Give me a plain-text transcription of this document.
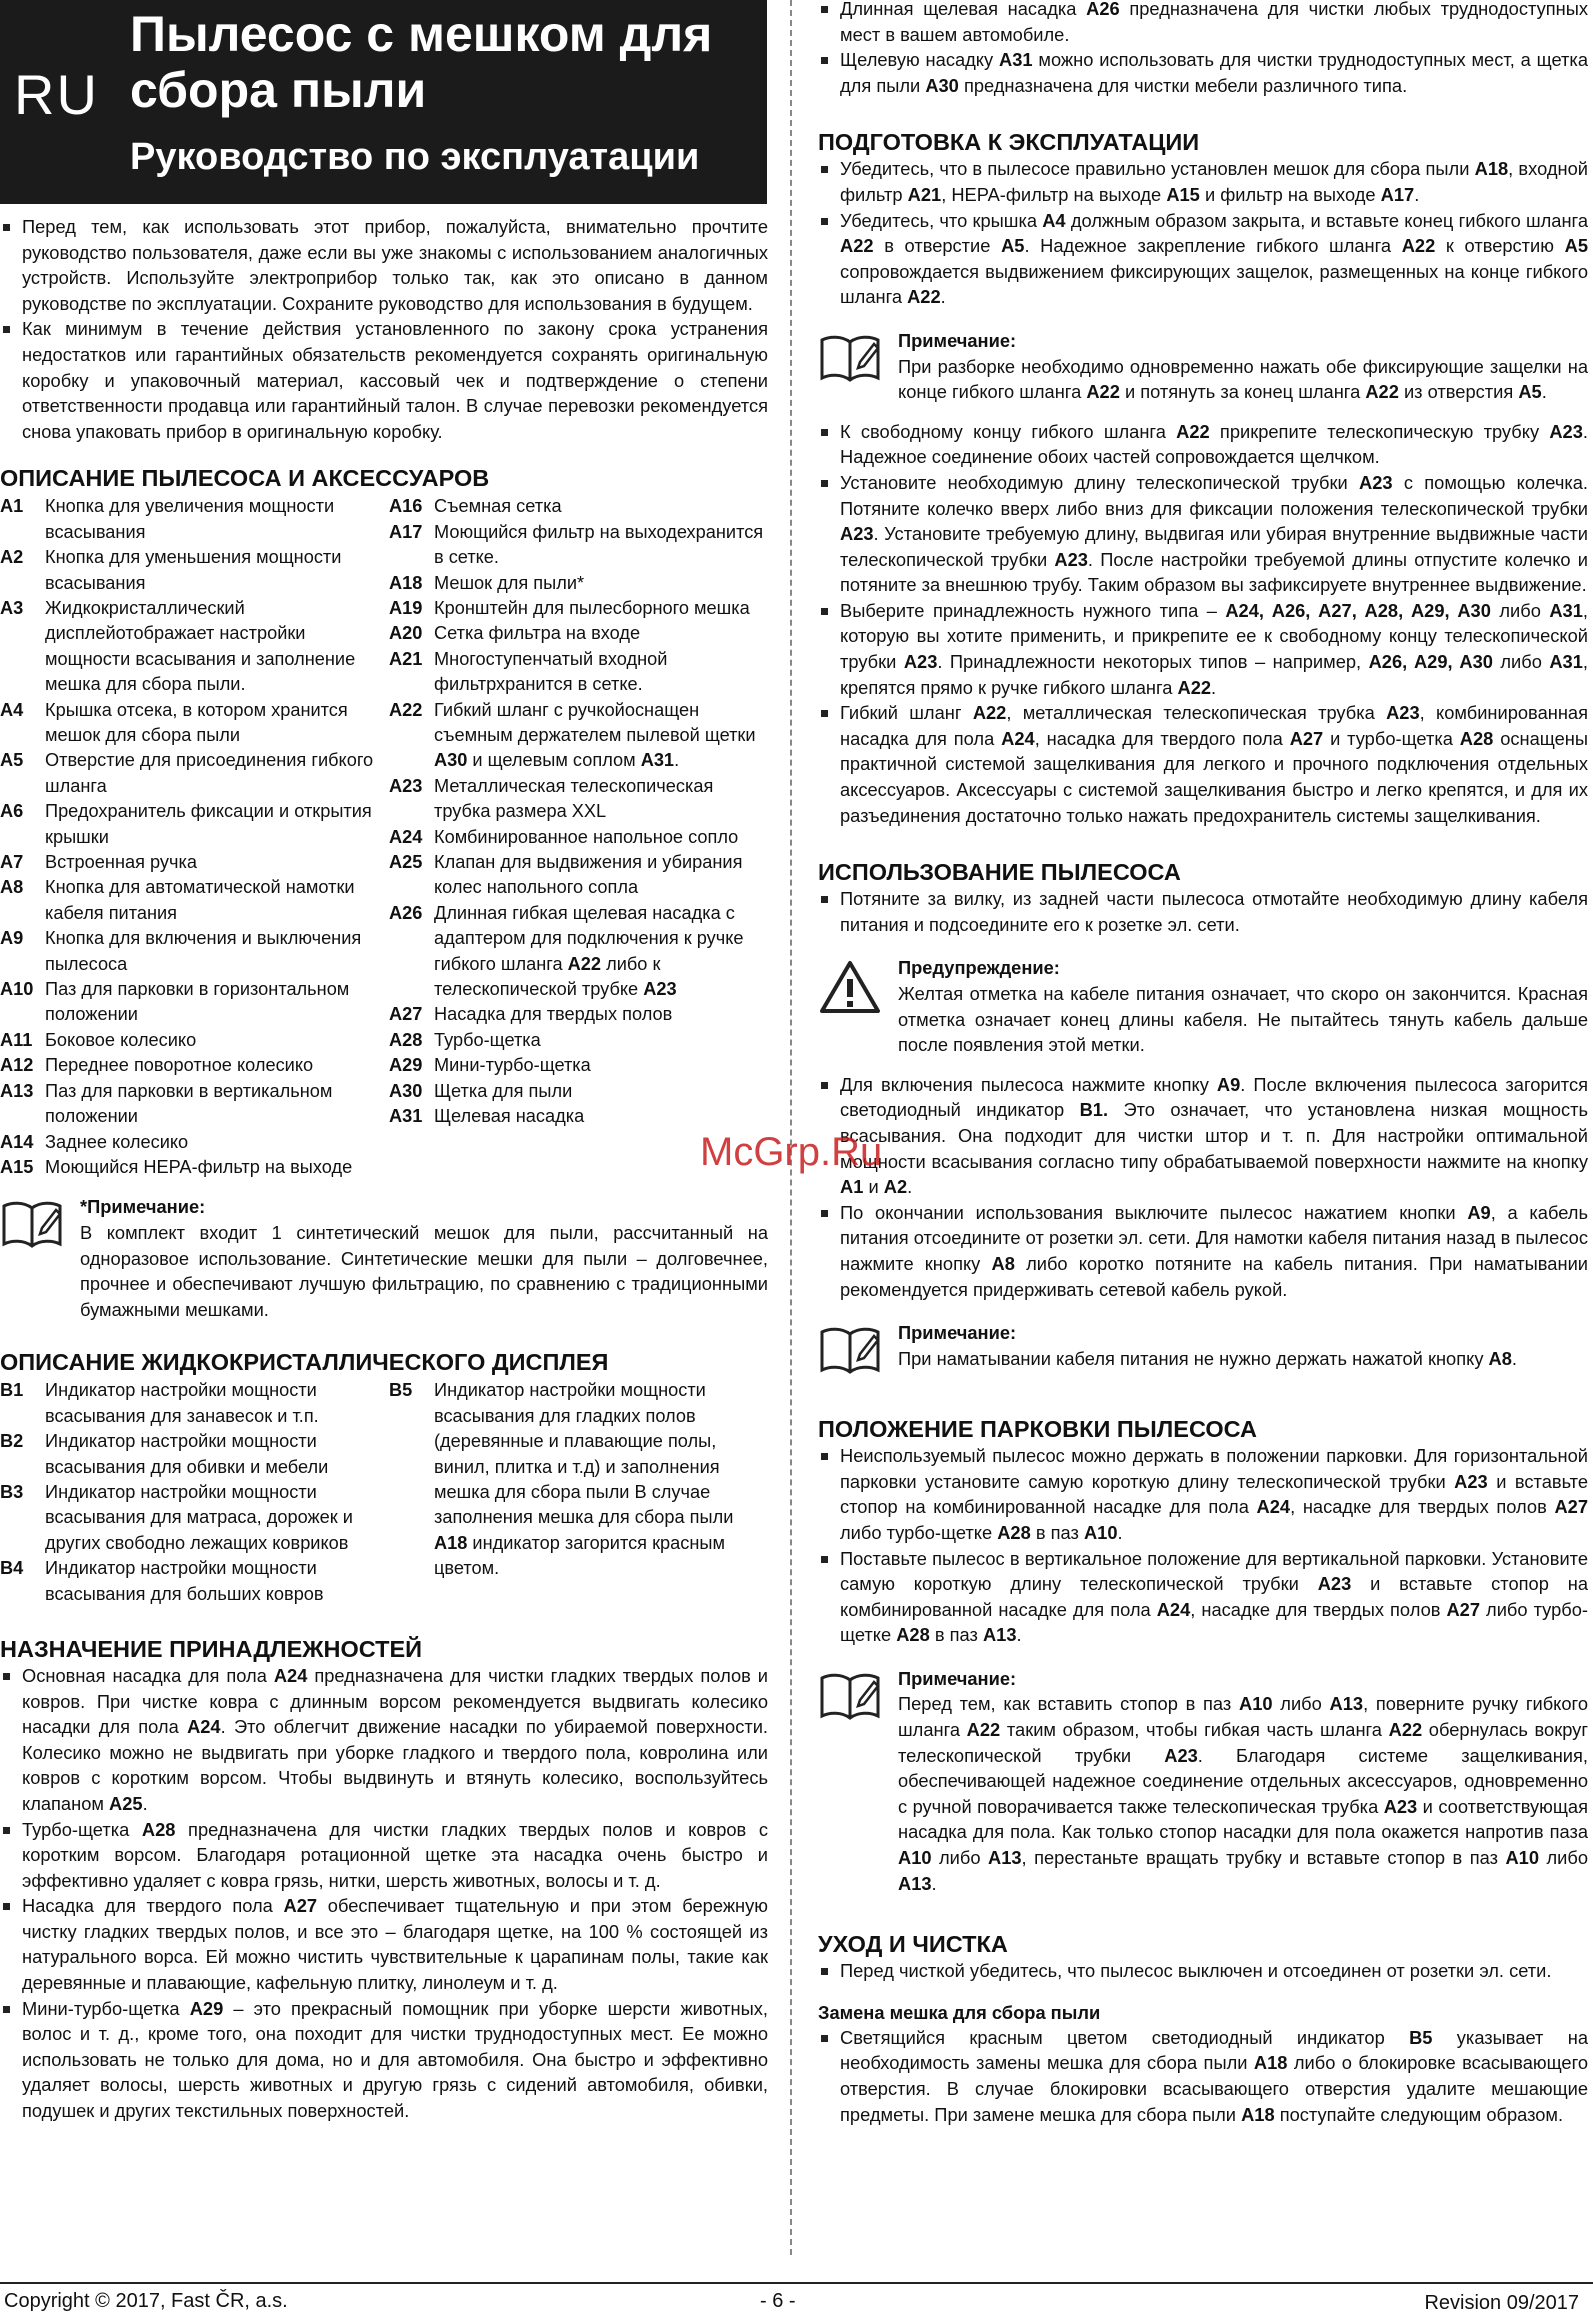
RU
Пылесос с мешком для сбора пыли
Руководство по эксплуатации
Перед тем, как использовать этот прибор, пожалуйста, внимательно прочтите руководство пользователя, даже если вы уже знакомы с использованием аналогичных устройств. Используйте электроприбор только так, как это описано в данном руководстве по эксплуатации. Сохраните руководство для использования в будущем.
Как минимум в течение действия установленного по закону срока устранения недостатков или гарантийных обязательств рекомендуется сохранять оригинальную коробку и упаковочный материал, кассовый чек и подтверждение о степени ответственности продавца или гарантийный талон. В случае перевозки рекомендуется снова упаковать прибор в оригинальную коробку.
ОПИСАНИЕ ПЫЛЕСОСА И АКСЕССУАРОВ
A1	Кнопка для увеличения мощности всасывания
A2	Кнопка для уменьшения мощности всасывания
A3	Жидкокристаллический дисплейотображает настройки мощности всасывания и заполнение мешка для сбора пыли.
A4	Крышка отсека, в котором хранится мешок для сбора пыли
A5	Отверстие для присоединения гибкого шланга
A6	Предохранитель фиксации и открытия крышки
A7	Встроенная ручка
A8	Кнопка для автоматической намотки кабеля питания
A9	Кнопка для включения и выключения пылесоса
A10 Паз для парковки в горизонтальном положении
A11 Боковое колесико
A12 Переднее поворотное колесико
A13 Паз для парковки в вертикальном положении
A14 Заднее колесико
A15 Моющийся HEPA-фильтр на выходе
A16 Съемная сетка
A17 Моющийся фильтр на выходехранится в сетке.
A18 Мешок для пыли*
A19 Кронштейн для пылесборного мешка
A20 Сетка фильтра на входе
A21 Многоступенчатый входной фильтрхранится в сетке.
A22 Гибкий шланг с ручкойоснащен съемным держателем пылевой щетки A30 и щелевым соплом A31.
A23 Металлическая телескопическая трубка размера XXL
A24 Комбинированное напольное сопло
A25 Клапан для выдвижения и убирания колес напольного сопла
A26 Длинная гибкая щелевая насадка с адаптером для подключения к ручке гибкого шланга A22 либо к телескопической трубке A23
A27 Насадка для твердых полов
A28 Турбо-щетка
A29 Мини-турбо-щетка
A30 Щетка для пыли
A31 Щелевая насадка
*Примечание:
В комплект входит 1 синтетический мешок для пыли, рассчитанный на одноразовое использование. Синтетические мешки для пыли – долговечнее, прочнее и обеспечивают лучшую фильтрацию, по сравнению с традиционными бумажными мешками.
ОПИСАНИЕ ЖИДКОКРИСТАЛЛИЧЕСКОГО ДИСПЛЕЯ
B1	Индикатор настройки мощности всасывания для занавесок и т.п.
B2	Индикатор настройки мощности всасывания для обивки и мебели
B3	Индикатор настройки мощности всасывания для матраса, дорожек и других свободно лежащих ковриков
B4	Индикатор настройки мощности всасывания для больших ковров
B5	Индикатор настройки мощности всасывания для гладких полов (деревянные и плавающие полы, винил, плитка и т.д) и заполнения мешка для сбора пыли В случае заполнения мешка для сбора пыли A18 индикатор загорится красным цветом.
НАЗНАЧЕНИЕ ПРИНАДЛЕЖНОСТЕЙ
Основная насадка для пола A24 предназначена для чистки гладких твердых полов и ковров. При чистке ковра с длинным ворсом рекомендуется выдвигать колесико насадки для пола A24. Это облегчит движение насадки по убираемой поверхности. Колесико можно не выдвигать при уборке гладкого и твердого пола, ковролина или ковров с коротким ворсом. Чтобы выдвинуть и втянуть колесико, воспользуйтесь клапаном A25.
Турбо-щетка A28 предназначена для чистки гладких твердых полов и ковров с коротким ворсом. Благодаря ротационной щетке эта насадка очень быстро и эффективно удаляет с ковра грязь, нитки, шерсть животных, волосы и т. д.
Насадка для твердого пола A27 обеспечивает тщательную и при этом бережную чистку гладких твердых полов, и все это – благодаря щетке, на 100 % состоящей из натурального ворса. Ей можно чистить чувствительные к царапинам полы, такие как деревянные и плавающие, кафельную плитку, линолеум и т. д.
Мини-турбо-щетка A29 – это прекрасный помощник при уборке шерсти животных, волос и т. д., кроме того, она походит для чистки труднодоступных мест. Ее можно использовать не только для дома, но и для автомобиля. Она быстро и эффективно удаляет волосы, шерсть животных и другую грязь с сидений автомобиля, обивки, подушек и других текстильных поверхностей.
Длинная щелевая насадка A26 предназначена для чистки любых труднодоступных мест в вашем автомобиле.
Щелевую насадку A31 можно использовать для чистки труднодоступных мест, а щетка для пыли A30 предназначена для чистки мебели различного типа.
ПОДГОТОВКА К ЭКСПЛУАТАЦИИ
Убедитесь, что в пылесосе правильно установлен мешок для сбора пыли A18, входной фильтр A21, HEPA-фильтр на выходе A15 и фильтр на выходе A17.
Убедитесь, что крышка A4 должным образом закрыта, и вставьте конец гибкого шланга A22 в отверстие A5. Надежное закрепление гибкого шланга A22 к отверстию A5 сопровождается выдвижением фиксирующих защелок, размещенных на конце гибкого шланга A22.
Примечание:
При разборке необходимо одновременно нажать обе фиксирующие защелки на конце гибкого шланга A22 и потянуть за конец шланга A22 из отверстия A5.
К свободному концу гибкого шланга A22 прикрепите телескопическую трубку A23. Надежное соединение обоих частей сопровождается щелчком.
Установите необходимую длину телескопической трубки A23 с помощью колечка. Потяните колечко вверх либо вниз для фиксации положения телескопической трубки A23. Установите требуемую длину, выдвигая или убирая внутренние выдвижные части телескопической трубки A23. После настройки требуемой длины отпустите колечко и потяните за внешнюю трубу. Таким образом вы зафиксируете внутреннее выдвижение.
Выберите принадлежность нужного типа – A24, A26, A27, A28, A29, A30 либо A31, которую вы хотите применить, и прикрепите ее к свободному концу телескопической трубки A23. Принадлежности некоторых типов – например, A26, A29, A30 либо A31, крепятся прямо к ручке гибкого шланга A22.
Гибкий шланг A22, металлическая телескопическая трубка A23, комбинированная насадка для пола A24, насадка для твердого пола A27 и турбо-щетка A28 оснащены практичной системой защелкивания для легкого и прочного подключения отдельных аксессуаров. Аксессуары с системой защелкивания быстро и легко крепятся, и для их разъединения достаточно только нажать предохранитель системы защелкивания.
ИСПОЛЬЗОВАНИЕ ПЫЛЕСОСА
Потяните за вилку, из задней части пылесоса отмотайте необходимую длину кабеля питания и подсоедините его к розетке эл. сети.
Предупреждение:
Желтая отметка на кабеле питания означает, что скоро он закончится. Красная отметка означает конец длины кабеля. Не пытайтесь тянуть кабель дальше после появления этой метки.
Для включения пылесоса нажмите кнопку A9. После включения пылесоса загорится светодиодный индикатор B1. Это означает, что установлена низкая мощность всасывания. Она подходит для чистки штор и т. п. Для настройки оптимальной мощности всасывания согласно типу обрабатываемой поверхности нажмите на кнопку A1 и A2.
По окончании использования выключите пылесос нажатием кнопки A9, а кабель питания отсоедините от розетки эл. сети. Для намотки кабеля питания назад в пылесос нажмите кнопку A8 либо коротко потяните на кабель питания. При наматывании рекомендуется придерживать сетевой кабель рукой.
Примечание:
При наматывании кабеля питания не нужно держать нажатой кнопку A8.
ПОЛОЖЕНИЕ ПАРКОВКИ ПЫЛЕСОСА
Неиспользуемый пылесос можно держать в положении парковки. Для горизонтальной парковки установите самую короткую длину телескопической трубки A23 и вставьте стопор на комбинированной насадке для пола A24, насадке для твердых полов A27 либо турбо-щетке A28 в паз A10.
Поставьте пылесос в вертикальное положение для вертикальной парковки. Установите самую короткую длину телескопической трубки A23 и вставьте стопор на комбинированной насадке для пола A24, насадке для твердых полов A27 либо турбо-щетке A28 в паз A13.
Примечание:
Перед тем, как вставить стопор в паз A10 либо A13, поверните ручку гибкого шланга A22 таким образом, чтобы гибкая часть шланга A22 обернулась вокруг телескопической трубки A23. Благодаря системе защелкивания, обеспечивающей надежное соединение отдельных аксессуаров, одновременно с ручной поворачивается также телескопическая трубка A23 и соответствующая насадка для пола. Как только стопор насадки для пола окажется напротив паза A10 либо A13, перестаньте вращать трубку и вставьте стопор в паз A10 либо A13.
УХОД И ЧИСТКА
Перед чисткой убедитесь, что пылесос выключен и отсоединен от розетки эл. сети.
Замена мешка для сбора пыли
Светящийся красным цветом светодиодный индикатор B5 указывает на необходимость замены мешка для сбора пыли A18 либо о блокировке всасывающего отверстия. В случае блокировки всасывающего отверстия удалите мешающие предметы. При замене мешка для сбора пыли A18 поступайте следующим образом.
McGrp.Ru
Copyright © 2017, Fast ČR, a.s.	- 6 -	Revision 09/2017
